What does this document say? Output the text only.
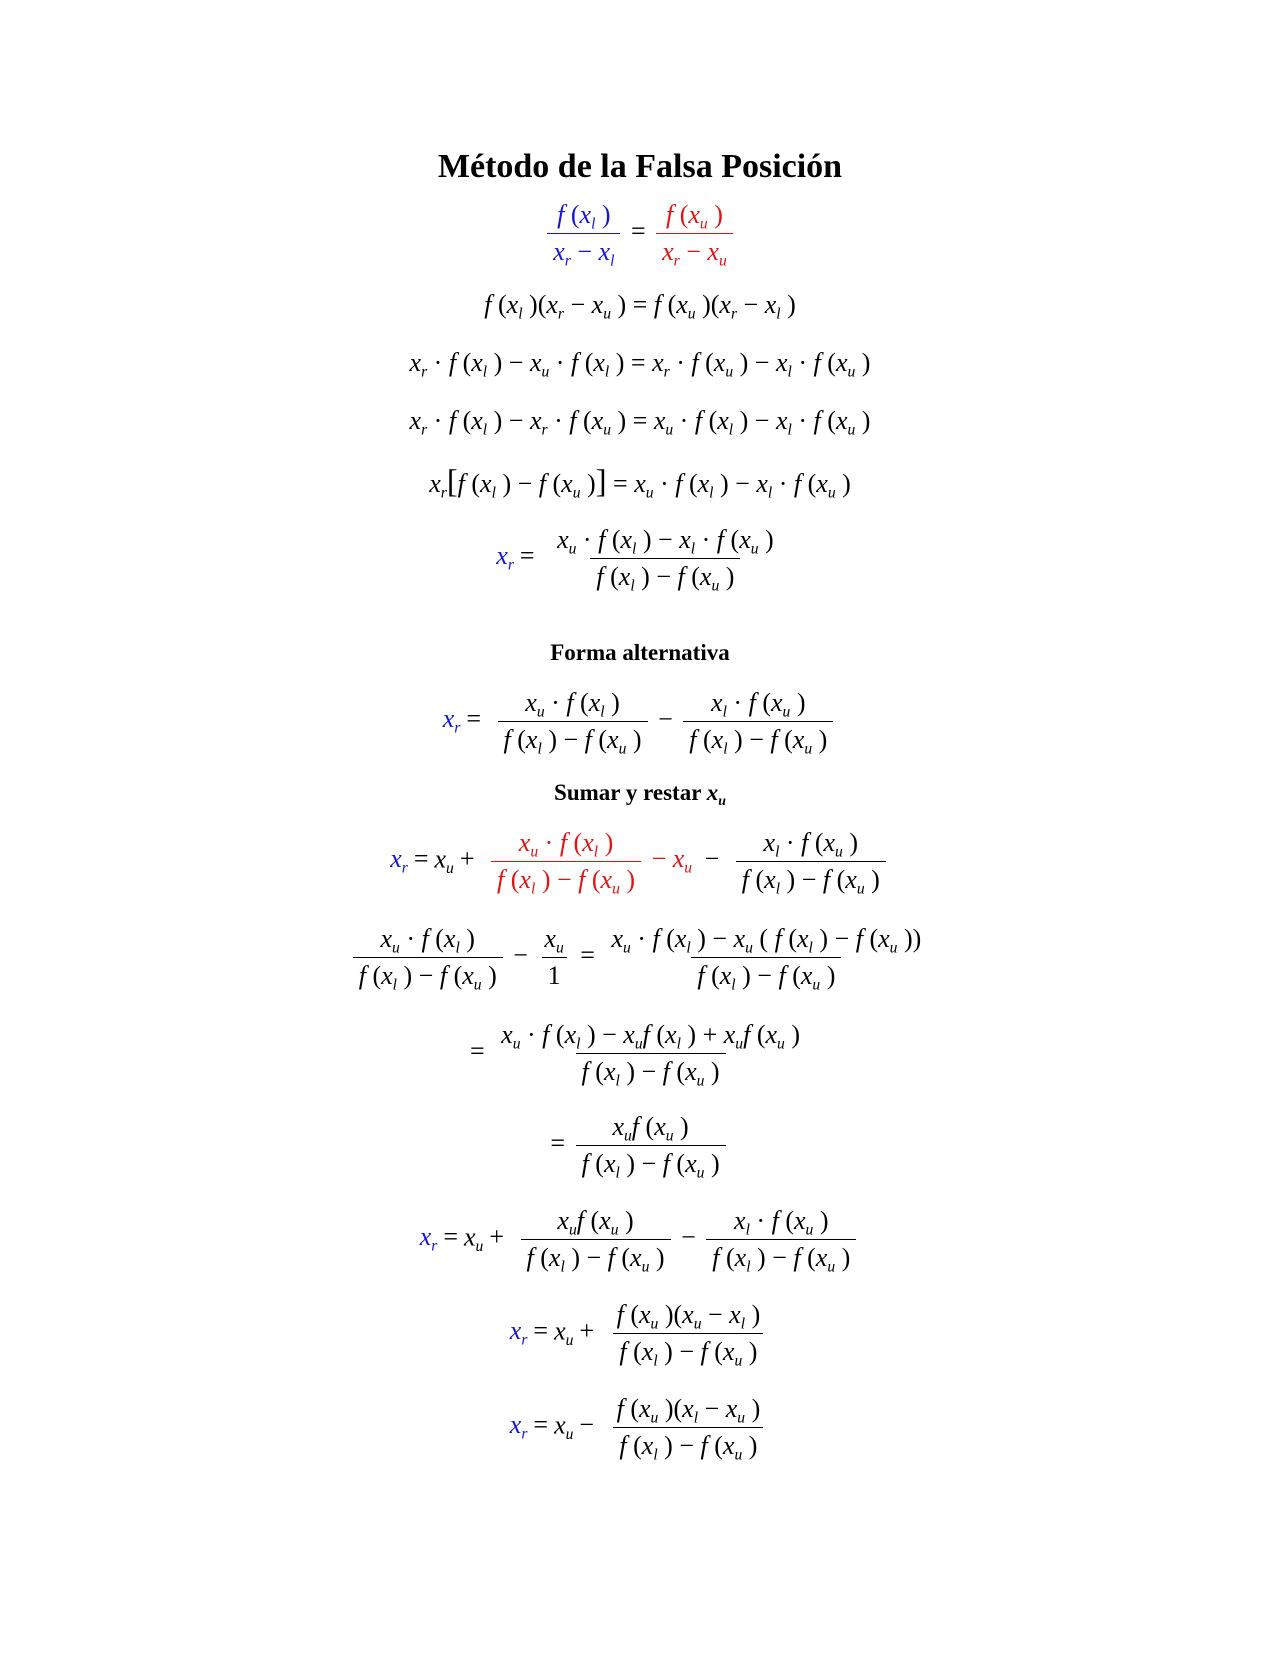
Método de la Falsa Posición
$\frac{f (x_l )}{x_r - x_l} = \frac{f (x_u )}{x_r - x_u}$
f ($x_l$ )($x_r - x_u$ ) = f ($x_u$ )($x_r - x_l$ )
$x_r \cdot f$ ($x_l$ ) − $x_u \cdot f$ ($x_l$ ) = $x_r \cdot f$ ($x_u$ ) − $x_l \cdot f$ ($x_u$ )
$x_r \cdot f$ ($x_l$ ) − $x_r \cdot f$ ($x_u$ ) = $x_u \cdot f$ ($x_l$ ) − $x_l \cdot f$ ($x_u$ )
$x_r[f$ ($x_l$ ) − f ($x_u$ )] = $x_u \cdot f$ ($x_l$ ) − $x_l \cdot f$ ($x_u$ )
$x_r = \frac{x_u \cdot f (x_l ) - x_l \cdot f (x_u )}{f (x_l ) - f (x_u )}$
Forma alternativa
$x_r = \frac{x_u \cdot f (x_l )}{f (x_l ) - f (x_u )} - \frac{x_l \cdot f (x_u )}{f (x_l ) - f (x_u )}$
Sumar y restar $x_u$
$x_r = x_u + \frac{x_u \cdot f (x_l )}{f (x_l ) - f (x_u )} - x_u - \frac{x_l \cdot f (x_u )}{f (x_l ) - f (x_u )}$
$\frac{x_u \cdot f (x_l )}{f (x_l ) - f (x_u )} - \frac{x_u}{1} = \frac{x_u \cdot f (x_l ) - x_u ( f (x_l ) - f (x_u ))}{f (x_l ) - f (x_u )}$
= $\frac{x_u \cdot f (x_l ) - x_uf (x_l ) + x_uf (x_u )}{f (x_l ) - f (x_u )}$
= $\frac{x_uf (x_u )}{f (x_l ) - f (x_u )}$
$x_r = x_u + \frac{x_uf (x_u )}{f (x_l ) - f (x_u )} - \frac{x_l \cdot f (x_u )}{f (x_l ) - f (x_u )}$
$x_r = x_u + \frac{f (x_u )(x_u - x_l )}{f (x_l ) - f (x_u )}$
$x_r = x_u - \frac{f (x_u )(x_l - x_u )}{f (x_l ) - f (x_u )}$
